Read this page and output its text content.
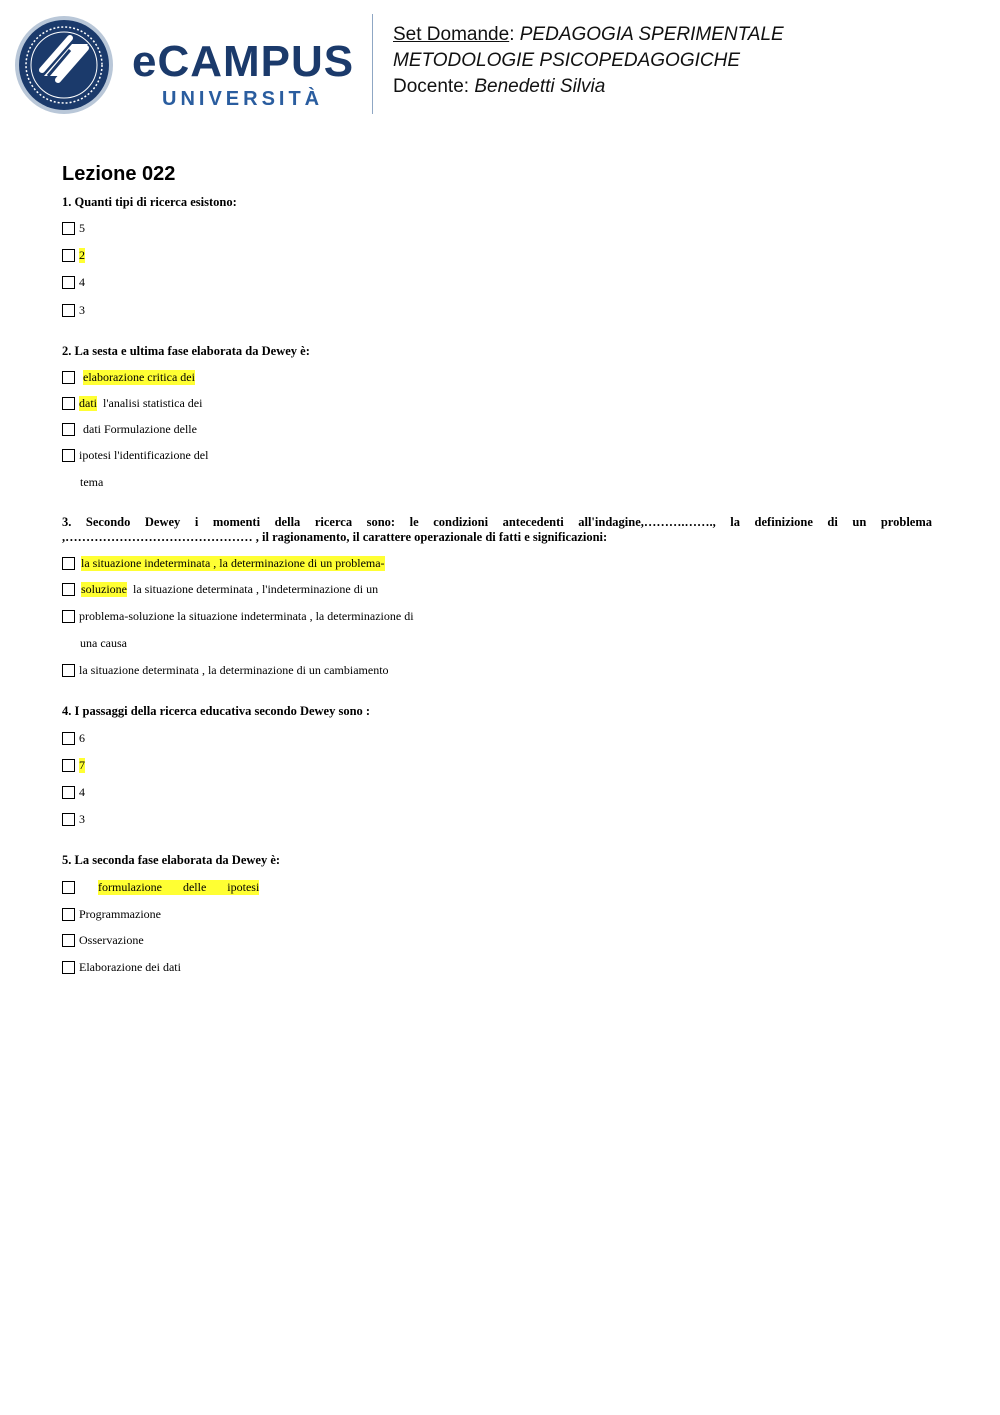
eCAMPUS
UNIVERSITÀ
Set Domande: PEDAGOGIA SPERIMENTALE
METODOLOGIE PSICOPEDAGOGICHE
Docente: Benedetti Silvia
Lezione 022
1. Quanti tipi di ricerca esistono:
5
2
4
3
2. La sesta e ultima fase elaborata da Dewey è:
elaborazione critica dei
dati
l'analisi statistica dei
dati Formulazione delle
ipotesi l'identificazione del
tema
3. Secondo Dewey i momenti della ricerca sono: le condizioni antecedenti all'indagine,……….……., la definizione di un problema ,……………………………………… , il ragionamento, il carattere operazionale di fatti e significazioni:
la situazione indeterminata , la determinazione di un problema-
soluzione
la situazione determinata , l'indeterminazione di un
problema-soluzione la situazione indeterminata , la determinazione di
una causa
la situazione determinata , la determinazione di un cambiamento
4. I passaggi della ricerca educativa secondo Dewey sono :
6
7
4
3
5. La seconda fase elaborata da Dewey è:
formulazione       delle       ipotesi
Programmazione
Osservazione
Elaborazione dei dati
